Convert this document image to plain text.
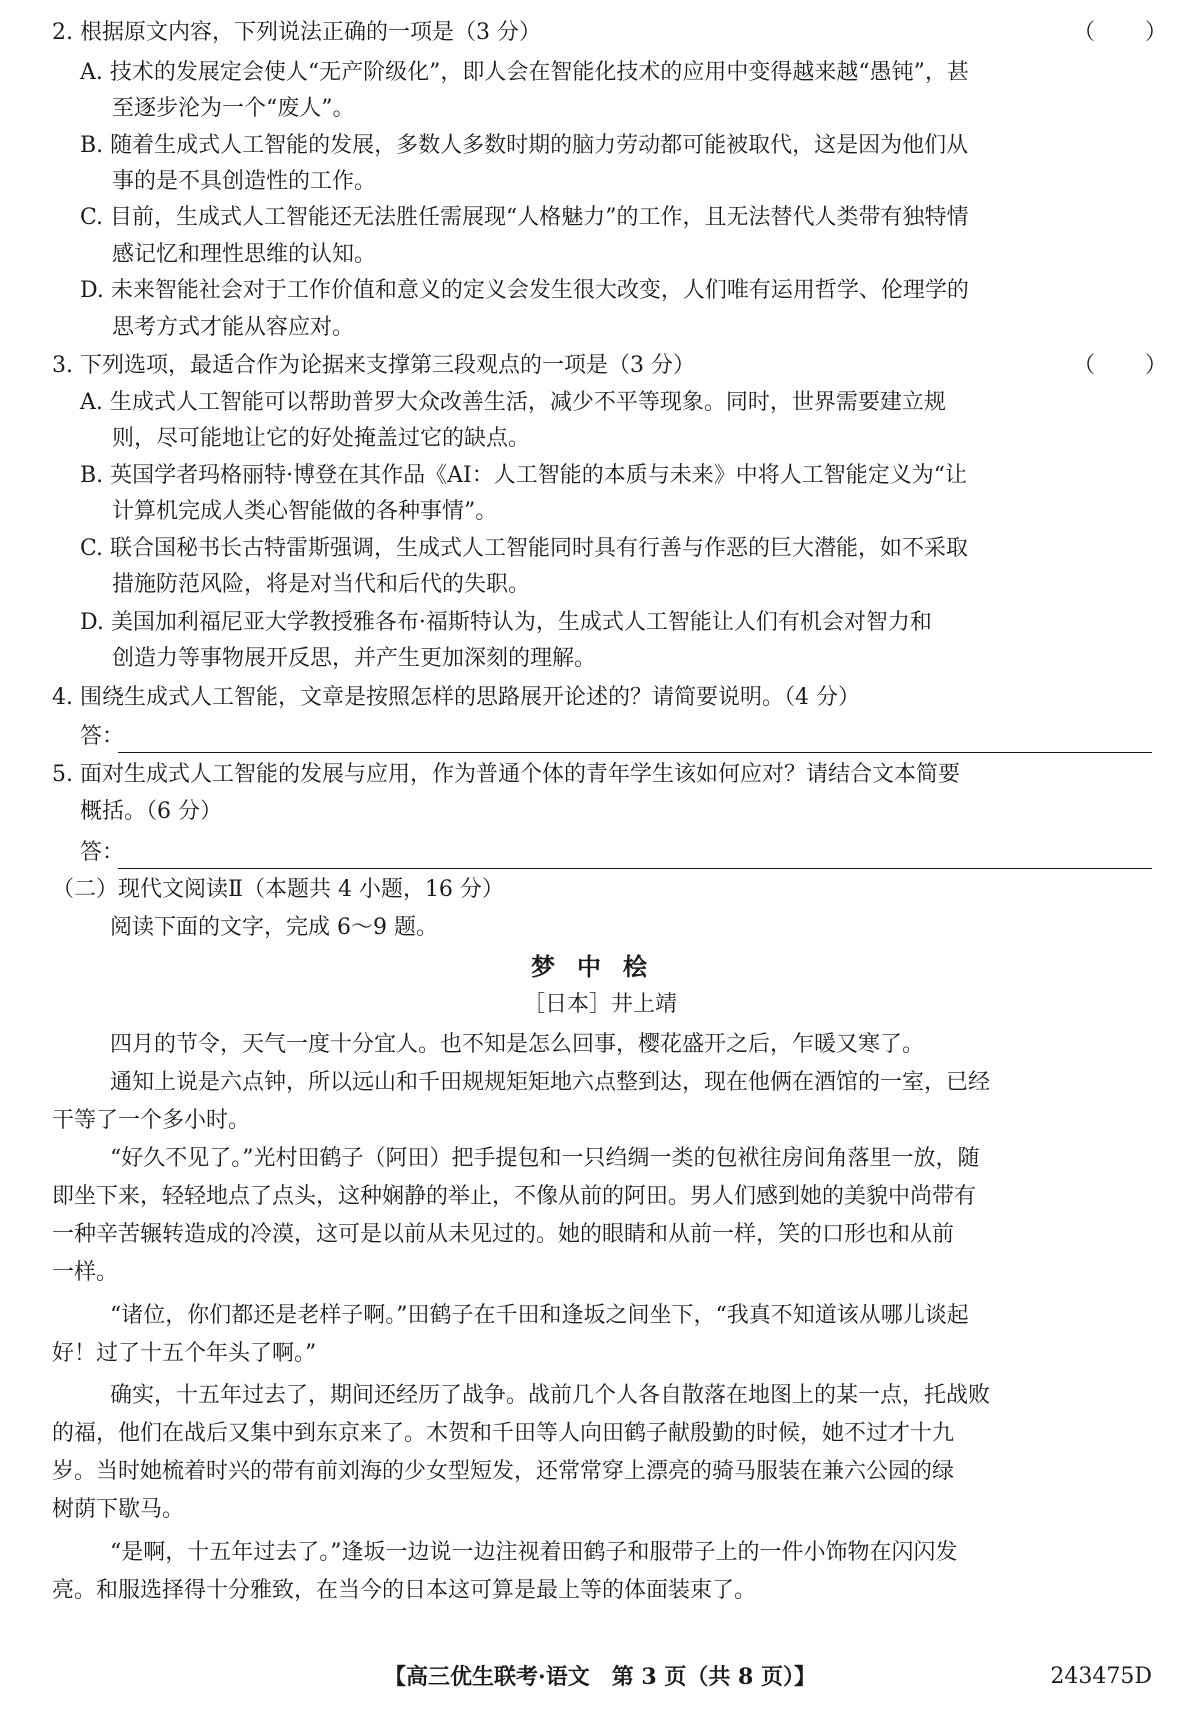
2. 根据原文内容，下列说法正确的一项是（3 分）	（　　）
A. 技术的发展定会使人“无产阶级化”，即人会在智能化技术的应用中变得越来越“愚钝”，甚
至逐步沦为一个“废人”。
B. 随着生成式人工智能的发展，多数人多数时期的脑力劳动都可能被取代，这是因为他们从
事的是不具创造性的工作。
C. 目前，生成式人工智能还无法胜任需展现“人格魅力”的工作，且无法替代人类带有独特情
感记忆和理性思维的认知。
D. 未来智能社会对于工作价值和意义的定义会发生很大改变，人们唯有运用哲学、伦理学的
思考方式才能从容应对。
3. 下列选项，最适合作为论据来支撑第三段观点的一项是（3 分）	（　　）
A. 生成式人工智能可以帮助普罗大众改善生活，减少不平等现象。同时，世界需要建立规
则，尽可能地让它的好处掩盖过它的缺点。
B. 英国学者玛格丽特·博登在其作品《AI：人工智能的本质与未来》中将人工智能定义为“让
计算机完成人类心智能做的各种事情”。
C. 联合国秘书长古特雷斯强调，生成式人工智能同时具有行善与作恶的巨大潜能，如不采取
措施防范风险，将是对当代和后代的失职。
D. 美国加利福尼亚大学教授雅各布·福斯特认为，生成式人工智能让人们有机会对智力和
创造力等事物展开反思，并产生更加深刻的理解。
4. 围绕生成式人工智能，文章是按照怎样的思路展开论述的？请简要说明。（4 分）
答：
5. 面对生成式人工智能的发展与应用，作为普通个体的青年学生该如何应对？请结合文本简要
概括。（6 分）
答：
（二）现代文阅读Ⅱ（本题共 4 小题，16 分）
阅读下面的文字，完成 6～9 题。
梦中桧
［日本］井上靖
四月的节令，天气一度十分宜人。也不知是怎么回事，樱花盛开之后，乍暖又寒了。
通知上说是六点钟，所以远山和千田规规矩矩地六点整到达，现在他俩在酒馆的一室，已经
干等了一个多小时。
“好久不见了。”光村田鹤子（阿田）把手提包和一只绉绸一类的包袱往房间角落里一放，随
即坐下来，轻轻地点了点头，这种娴静的举止，不像从前的阿田。男人们感到她的美貌中尚带有
一种辛苦辗转造成的冷漠，这可是以前从未见过的。她的眼睛和从前一样，笑的口形也和从前
一样。
“诸位，你们都还是老样子啊。”田鹤子在千田和逢坂之间坐下，“我真不知道该从哪儿谈起
好！过了十五个年头了啊。”
确实，十五年过去了，期间还经历了战争。战前几个人各自散落在地图上的某一点，托战败
的福，他们在战后又集中到东京来了。木贺和千田等人向田鹤子献殷勤的时候，她不过才十九
岁。当时她梳着时兴的带有前刘海的少女型短发，还常常穿上漂亮的骑马服装在兼六公园的绿
树荫下歇马。
“是啊，十五年过去了。”逢坂一边说一边注视着田鹤子和服带子上的一件小饰物在闪闪发
亮。和服选择得十分雅致，在当今的日本这可算是最上等的体面装束了。
【高三优生联考·语文　第 3 页（共 8 页）】	243475D
